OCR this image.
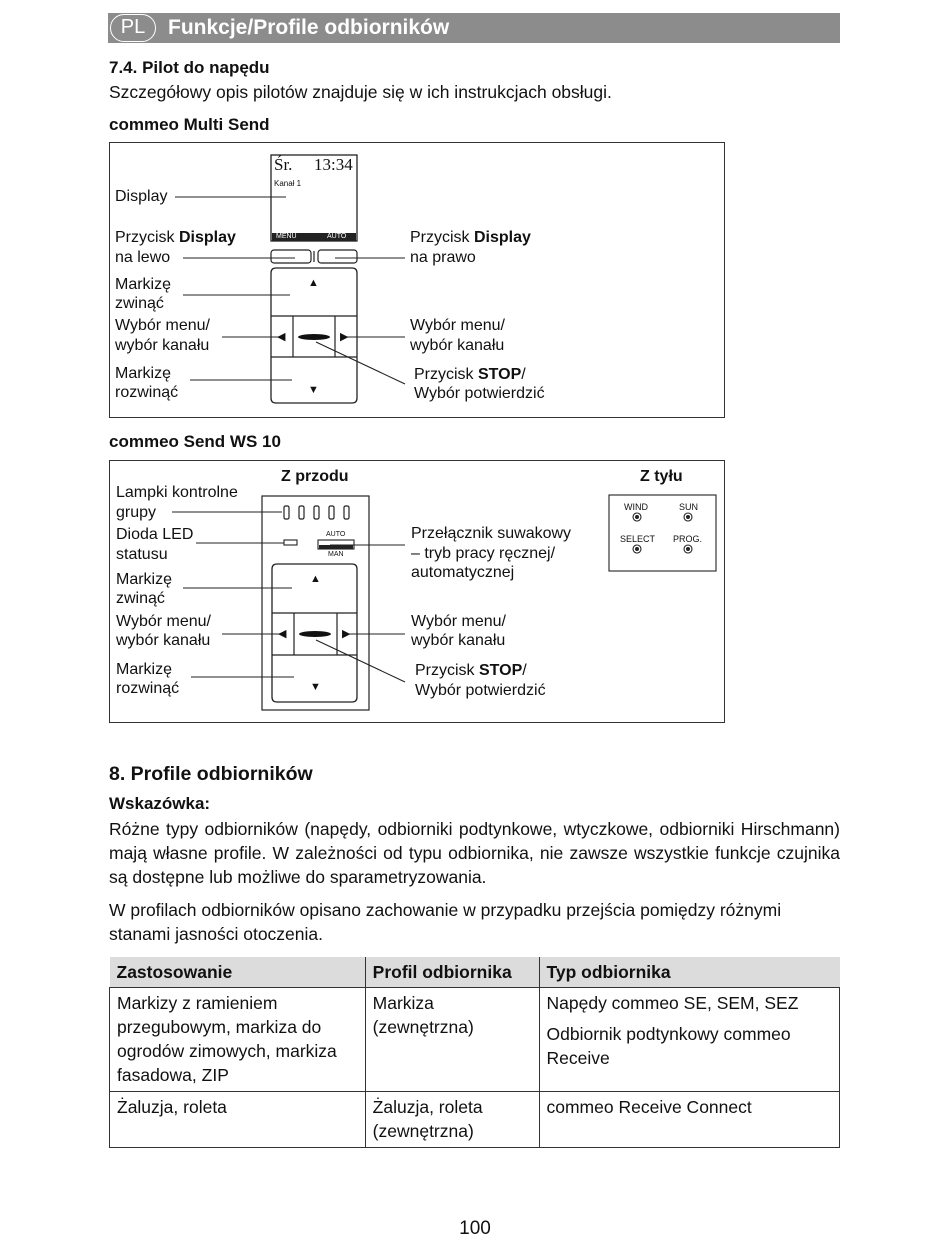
PL	Funkcje/Profile odbiorników
7.4. Pilot do napędu
Szczegółowy opis pilotów znajduje się w ich instrukcjach obsługi.
commeo Multi Send
Śr. 13:34
Kanał 1
MENU	AUTO
▲
▼
◀	▶
Display
Przycisk Display
na lewo
Przycisk Display
na prawo
Markizę
zwinąć
Wybór menu/
wybór kanału
Wybór menu/
wybór kanału
Markizę
rozwinąć
Przycisk STOP/
Wybór potwierdzić
commeo Send WS 10
Z przodu	Z tyłu
AUTO
MAN
WIND	SUN
SELECT PROG.
▲
▼
◀	▶
Lampki kontrolne
grupy
Dioda LED
statusu
Przełącznik suwakowy
– tryb pracy ręcznej/
automatycznej
Markizę
zwinąć
Wybór menu/
wybór kanału
Wybór menu/
wybór kanału
Markizę
rozwinąć
Przycisk STOP/
Wybór potwierdzić
8. Profile odbiorników
Wskazówka:
Różne typy odbiorników (napędy, odbiorniki podtynkowe, wtyczkowe, odbiorniki Hirschmann) mają własne profile. W zależności od typu odbiornika, nie zawsze wszystkie funkcje czujnika są dostępne lub możliwe do sparametryzowania.
W profilach odbiorników opisano zachowanie w przypadku przejścia pomiędzy różnymi stanami jasności otoczenia.
Zastosowanie	Profil odbiornika	Typ odbiornika
Markizy z ramieniem przegubowym, markiza do ogrodów zimowych, markiza fasadowa, ZIP	Markiza (zewnętrzna)	Napędy commeo SE, SEM, SEZ

Odbiornik podtynkowy commeo Receive

Żaluzja, roleta	Żaluzja, roleta (zewnętrzna)	commeo Receive Connect
100
